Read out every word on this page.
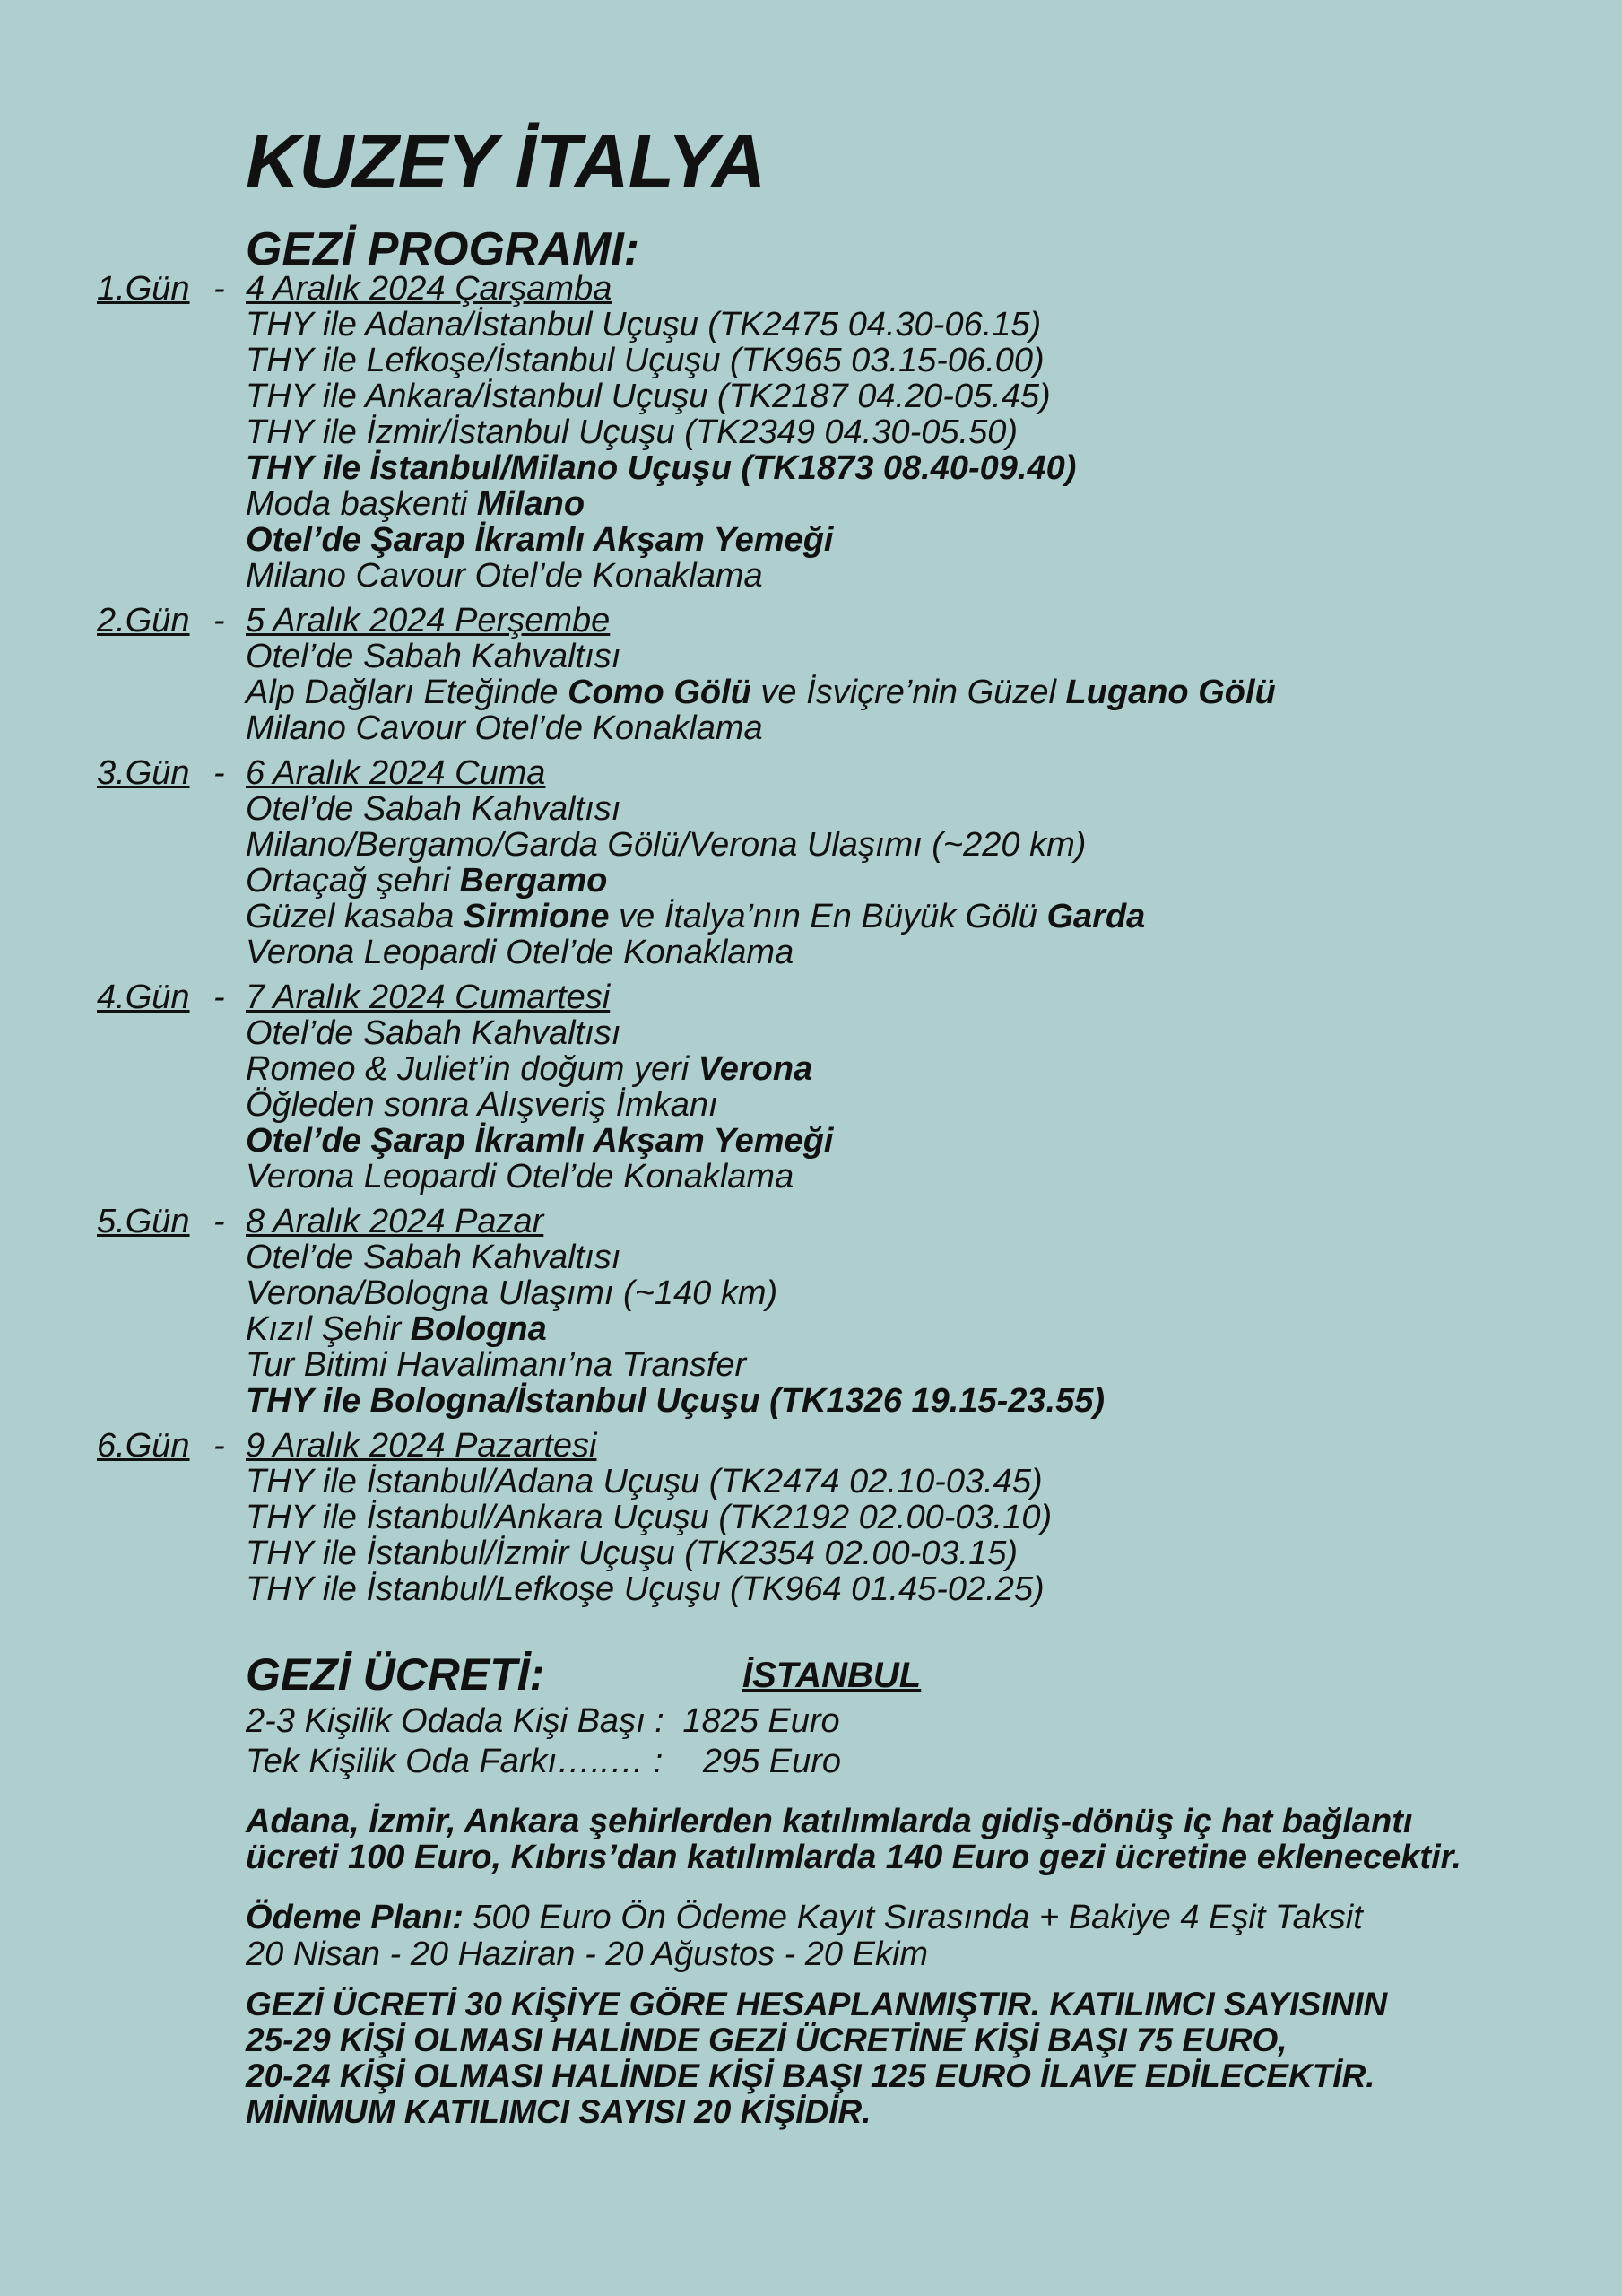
KUZEY İTALYA
GEZİ PROGRAMI:
1.Gün - 4 Aralık 2024 Çarşamba
THY ile Adana/İstanbul Uçuşu (TK2475 04.30-06.15)
THY ile Lefkoşe/İstanbul Uçuşu (TK965 03.15-06.00)
THY ile Ankara/İstanbul Uçuşu (TK2187 04.20-05.45)
THY ile İzmir/İstanbul Uçuşu (TK2349 04.30-05.50)
THY ile İstanbul/Milano Uçuşu (TK1873 08.40-09.40)
Moda başkenti Milano
Otel’de Şarap İkramlı Akşam Yemeği
Milano Cavour Otel’de Konaklama
2.Gün - 5 Aralık 2024 Perşembe
Otel’de Sabah Kahvaltısı
Alp Dağları Eteğinde Como Gölü ve İsviçre’nin Güzel Lugano Gölü
Milano Cavour Otel’de Konaklama
3.Gün - 6 Aralık 2024 Cuma
Otel’de Sabah Kahvaltısı
Milano/Bergamo/Garda Gölü/Verona Ulaşımı (~220 km)
Ortaçağ şehri Bergamo
Güzel kasaba Sirmione ve İtalya’nın En Büyük Gölü Garda
Verona Leopardi Otel’de Konaklama
4.Gün - 7 Aralık 2024 Cumartesi
Otel’de Sabah Kahvaltısı
Romeo & Juliet’in doğum yeri Verona
Öğleden sonra Alışveriş İmkanı
Otel’de Şarap İkramlı Akşam Yemeği
Verona Leopardi Otel’de Konaklama
5.Gün - 8 Aralık 2024 Pazar
Otel’de Sabah Kahvaltısı
Verona/Bologna Ulaşımı (~140 km)
Kızıl Şehir Bologna
Tur Bitimi Havalimanı’na Transfer
THY ile Bologna/İstanbul Uçuşu (TK1326 19.15-23.55)
6.Gün - 9 Aralık 2024 Pazartesi
THY ile İstanbul/Adana Uçuşu (TK2474 02.10-03.45)
THY ile İstanbul/Ankara Uçuşu (TK2192 02.00-03.10)
THY ile İstanbul/İzmir Uçuşu (TK2354 02.00-03.15)
THY ile İstanbul/Lefkoşe Uçuşu (TK964 01.45-02.25)
GEZİ ÜCRETİ:	İSTANBUL
2-3 Kişilik Odada Kişi Başı : 1825 Euro
Tek Kişilik Oda Farkı…..… : 295 Euro
Adana, İzmir, Ankara şehirlerden katılımlarda gidiş-dönüş iç hat bağlantı
ücreti 100 Euro, Kıbrıs’dan katılımlarda 140 Euro gezi ücretine eklenecektir.
Ödeme Planı: 500 Euro Ön Ödeme Kayıt Sırasında + Bakiye 4 Eşit Taksit
20 Nisan - 20 Haziran - 20 Ağustos - 20 Ekim
GEZİ ÜCRETİ 30 KİŞİYE GÖRE HESAPLANMIŞTIR. KATILIMCI SAYISININ
25-29 KİŞİ OLMASI HALİNDE GEZİ ÜCRETİNE KİŞİ BAŞI 75 EURO,
20-24 KİŞİ OLMASI HALİNDE KİŞİ BAŞI 125 EURO İLAVE EDİLECEKTİR.
MİNİMUM KATILIMCI SAYISI 20 KİŞİDİR.
